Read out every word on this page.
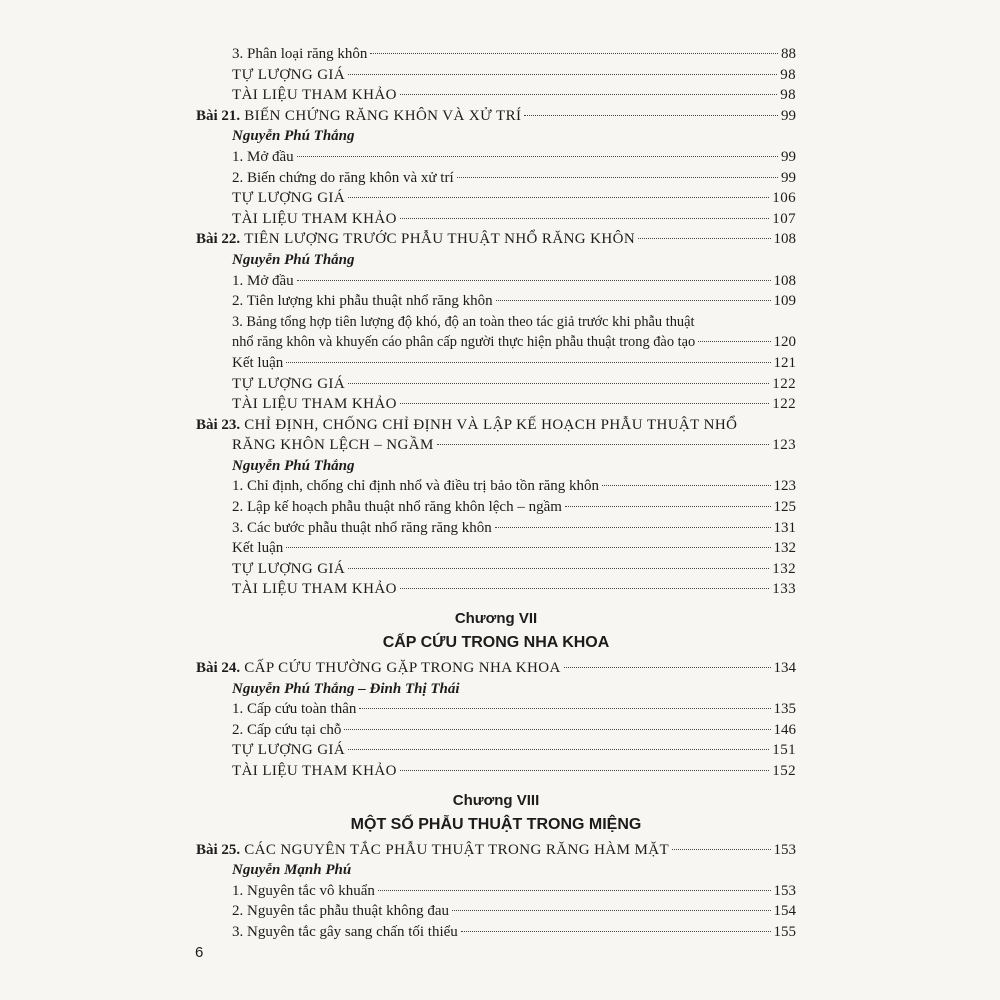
3. Phân loại răng khôn	88
TỰ LƯỢNG GIÁ	98
TÀI LIỆU THAM KHẢO	98
Bài 21. BIẾN CHỨNG RĂNG KHÔN VÀ XỬ TRÍ	99
Nguyễn Phú Thắng
1. Mở đầu	99
2. Biến chứng do răng khôn và xử trí	99
TỰ LƯỢNG GIÁ	106
TÀI LIỆU THAM KHẢO	107
Bài 22. TIÊN LƯỢNG TRƯỚC PHẪU THUẬT NHỔ RĂNG KHÔN	108
Nguyễn Phú Thắng
1. Mở đầu	108
2. Tiên lượng khi phẫu thuật nhổ răng khôn	109
3. Bảng tổng hợp tiên lượng độ khó, độ an toàn theo tác giả trước khi phẫu thuật
nhổ răng khôn và khuyến cáo phân cấp người thực hiện phẫu thuật trong đào tạo	120
Kết luận	121
TỰ LƯỢNG GIÁ	122
TÀI LIỆU THAM KHẢO	122
Bài 23. CHỈ ĐỊNH, CHỐNG CHỈ ĐỊNH VÀ LẬP KẾ HOẠCH PHẪU THUẬT NHỔ
RĂNG KHÔN LỆCH – NGẦM	123
Nguyễn Phú Thắng
1. Chỉ định, chống chỉ định nhổ và điều trị bảo tồn răng khôn	123
2. Lập kế hoạch phẫu thuật nhổ răng khôn lệch – ngầm	125
3. Các bước phẫu thuật nhổ răng răng khôn	131
Kết luận	132
TỰ LƯỢNG GIÁ	132
TÀI LIỆU THAM KHẢO	133
Chương VII
CẤP CỨU TRONG NHA KHOA
Bài 24. CẤP CỨU THƯỜNG GẶP TRONG NHA KHOA	134
Nguyễn Phú Thắng – Đinh Thị Thái
1. Cấp cứu toàn thân	135
2. Cấp cứu tại chỗ	146
TỰ LƯỢNG GIÁ	151
TÀI LIỆU THAM KHẢO	152
Chương VIII
MỘT SỐ PHẪU THUẬT TRONG MIỆNG
Bài 25. CÁC NGUYÊN TẮC PHẪU THUẬT TRONG RĂNG HÀM MẶT	153
Nguyễn Mạnh Phú
1. Nguyên tắc vô khuẩn	153
2. Nguyên tắc phẫu thuật không đau	154
3. Nguyên tắc gây sang chấn tối thiểu	155
6
